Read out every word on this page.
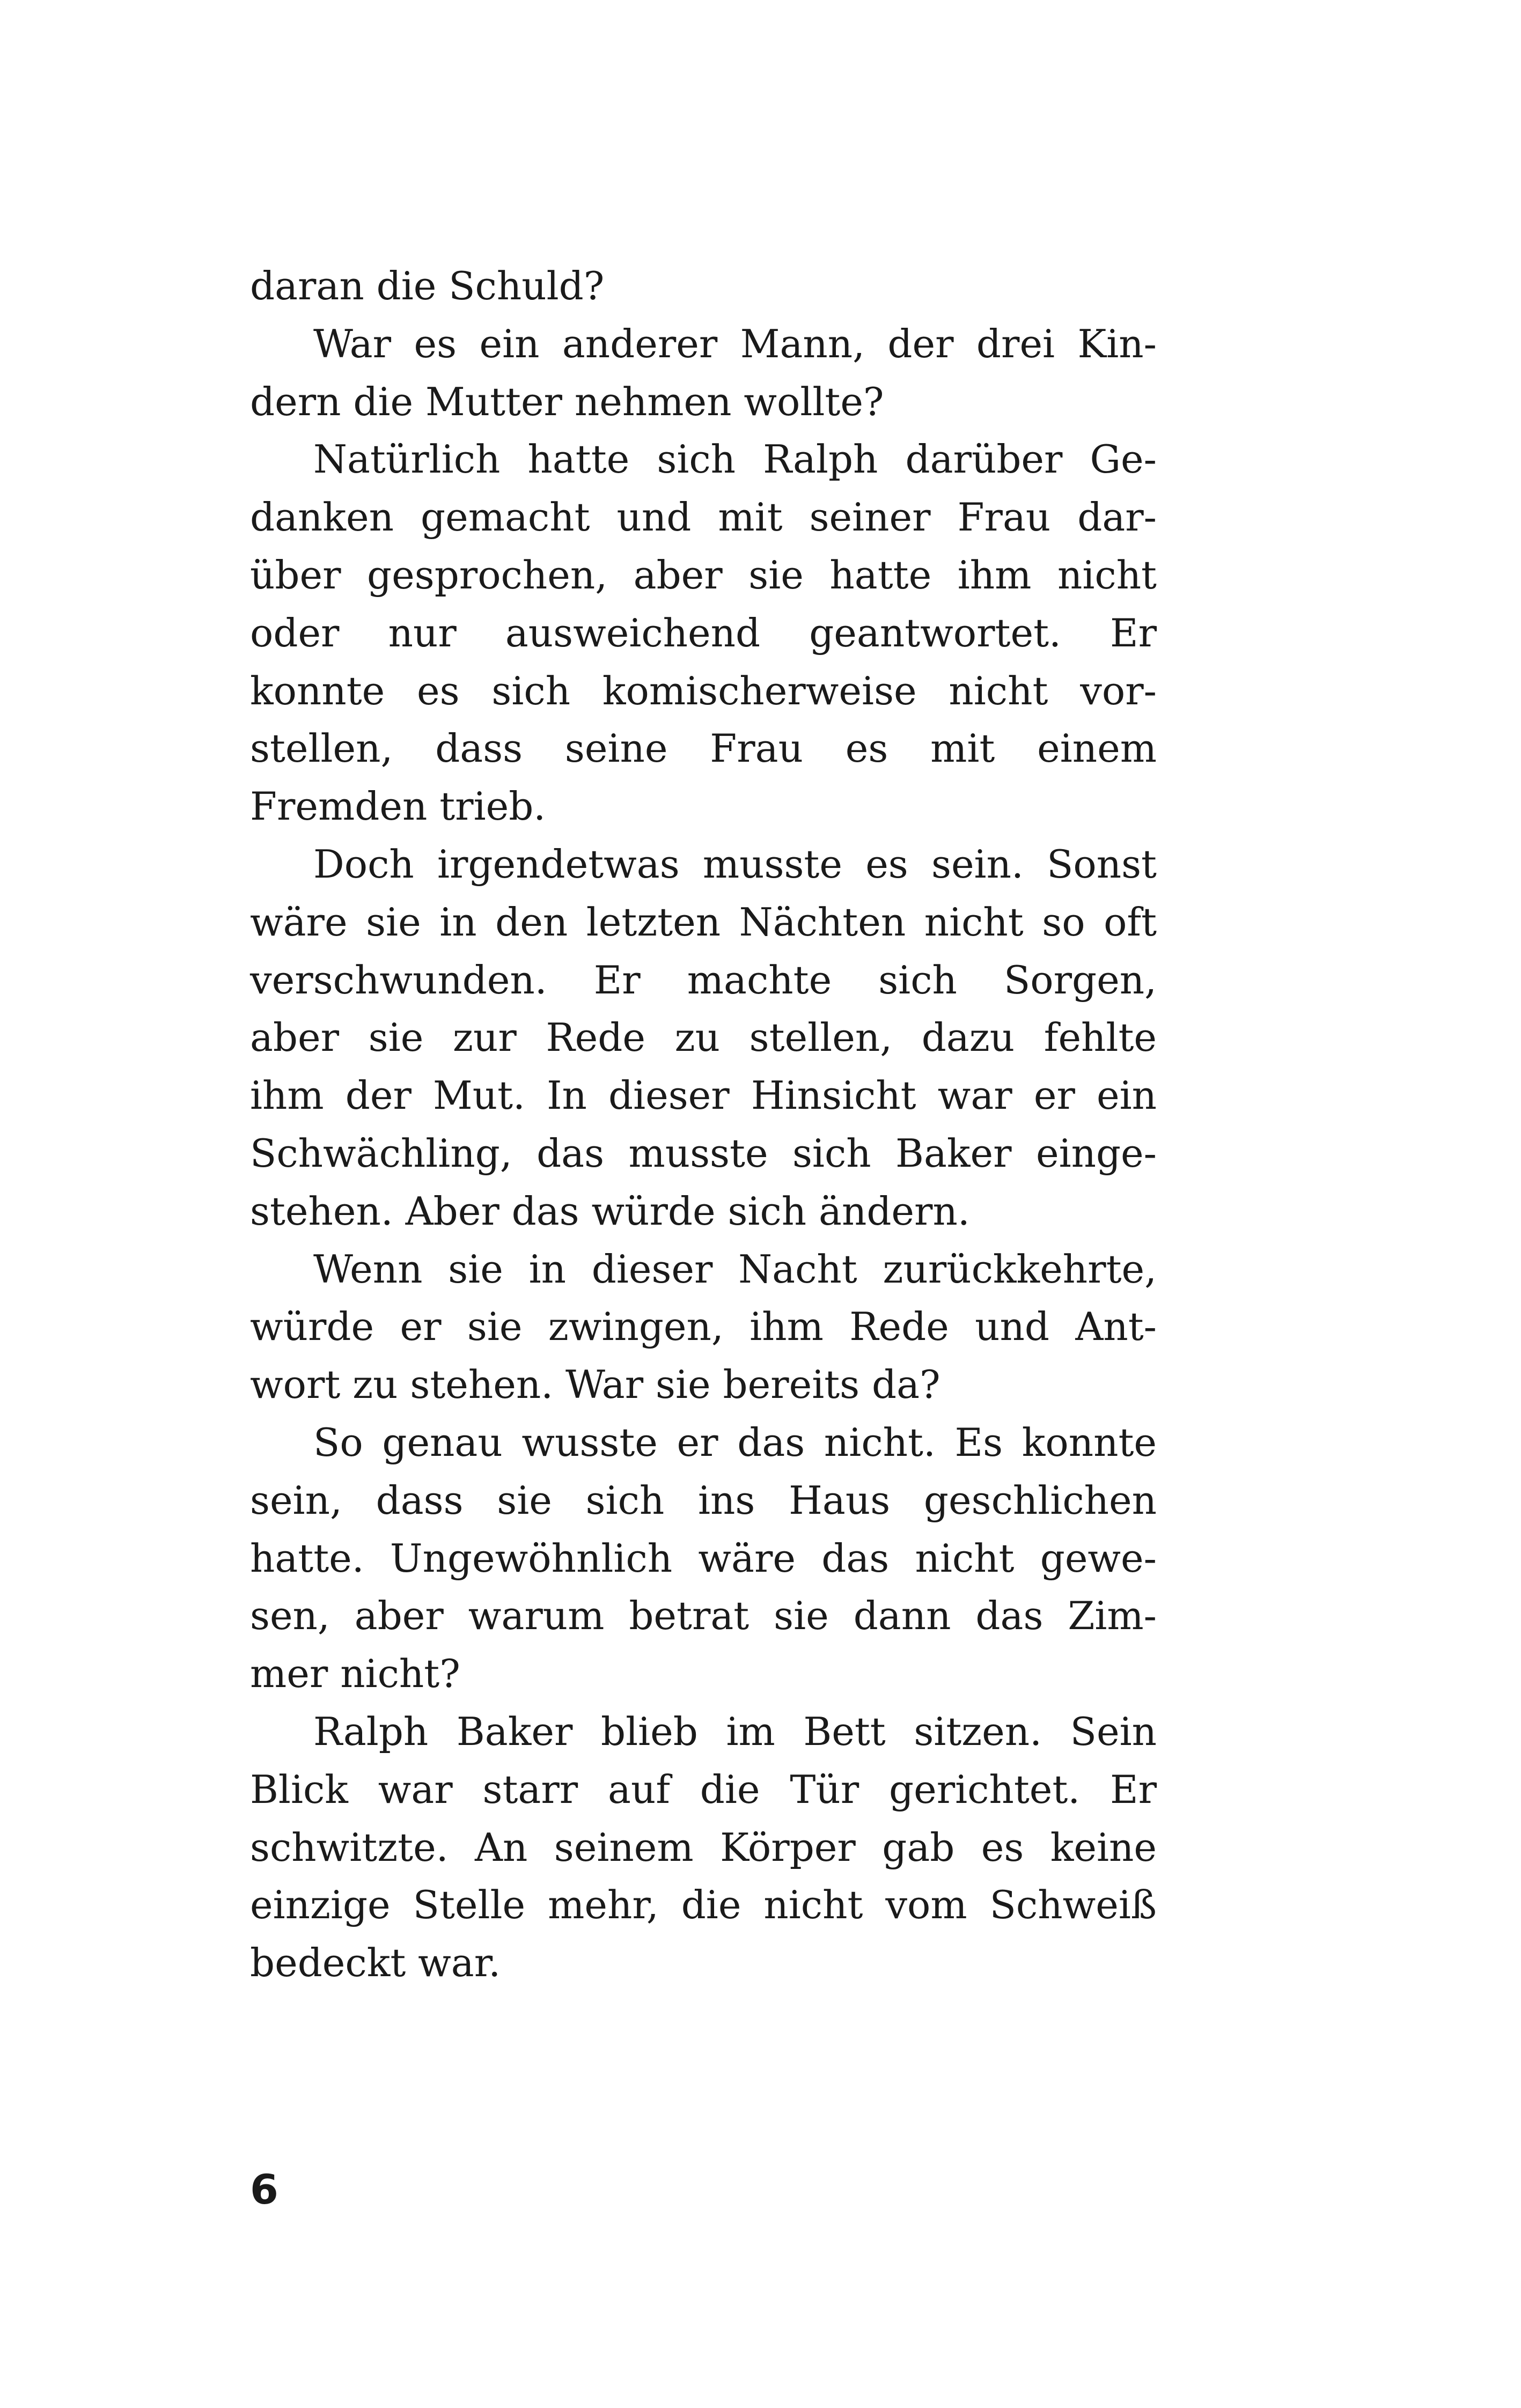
daran die Schuld?
War es ein anderer Mann, der drei Kin-
dern die Mutter nehmen wollte?
Natürlich hatte sich Ralph darüber Ge-
danken gemacht und mit seiner Frau dar-
über gesprochen, aber sie hatte ihm nicht
oder nur ausweichend geantwortet. Er
konnte es sich komischerweise nicht vor-
stellen, dass seine Frau es mit einem
Fremden trieb.
Doch irgendetwas musste es sein. Sonst
wäre sie in den letzten Nächten nicht so oft
verschwunden. Er machte sich Sorgen,
aber sie zur Rede zu stellen, dazu fehlte
ihm der Mut. In dieser Hinsicht war er ein
Schwächling, das musste sich Baker einge-
stehen. Aber das würde sich ändern.
Wenn sie in dieser Nacht zurückkehrte,
würde er sie zwingen, ihm Rede und Ant-
wort zu stehen. War sie bereits da?
So genau wusste er das nicht. Es konnte
sein, dass sie sich ins Haus geschlichen
hatte. Ungewöhnlich wäre das nicht gewe-
sen, aber warum betrat sie dann das Zim-
mer nicht?
Ralph Baker blieb im Bett sitzen. Sein
Blick war starr auf die Tür gerichtet. Er
schwitzte. An seinem Körper gab es keine
einzige Stelle mehr, die nicht vom Schweiß
bedeckt war.
6
